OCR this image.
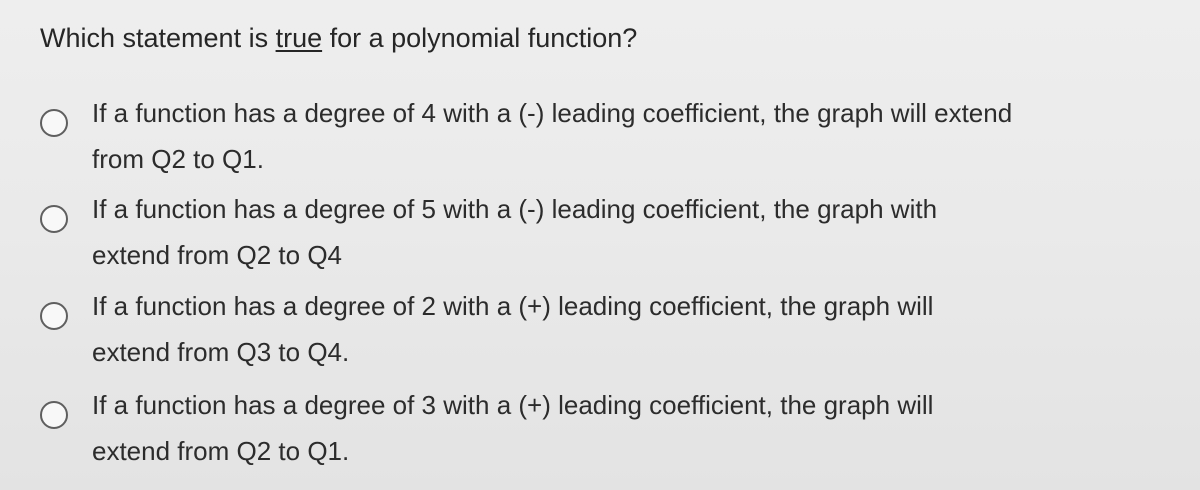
Which statement is true for a polynomial function?
If a function has a degree of 4 with a (-) leading coefficient, the graph will extend
from Q2 to Q1.
If a function has a degree of 5 with a (-) leading coefficient, the graph with
extend from Q2 to Q4
If a function has a degree of 2 with a (+) leading coefficient, the graph will
extend from Q3 to Q4.
If a function has a degree of 3 with a (+) leading coefficient, the graph will
extend from Q2 to Q1.
